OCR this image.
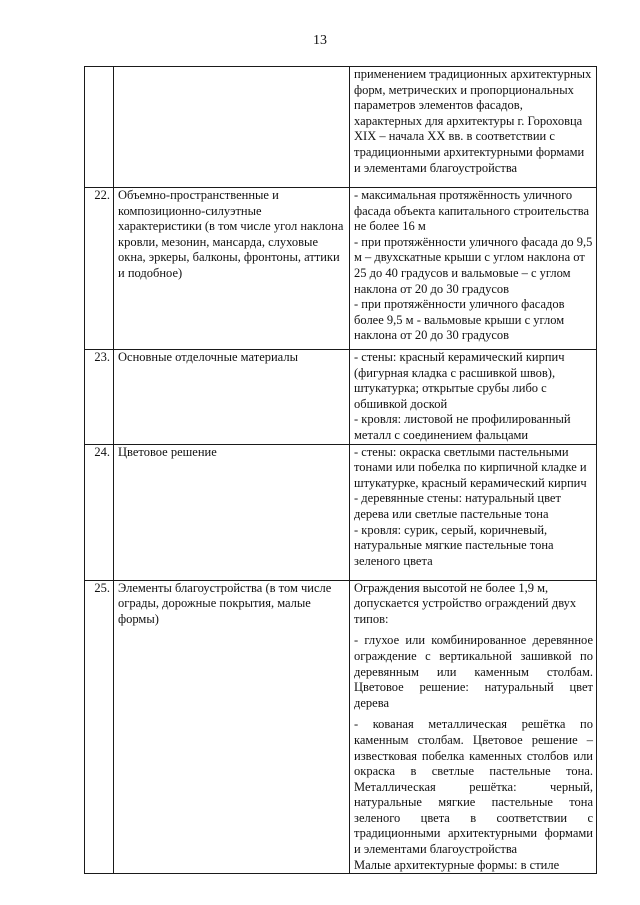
13

		применением традиционных архитектурных форм, метрических и пропорциональных параметров элементов фасадов, характерных для архитектуры г. Гороховца XIX – начала XX вв. в соответствии с традиционными архитектурными формами и элементами благоустройства

22.	Объемно-пространственные и композиционно-силуэтные характеристики (в том числе угол наклона кровли, мезонин, мансарда, слуховые окна, эркеры, балконы, фронтоны, аттики и подобное)	- максимальная протяжённость уличного фасада объекта капитального строительства не более 16 м

- при протяжённости уличного фасада до 9,5 м – двухскатные крыши с углом наклона от 25 до 40 градусов и вальмовые – с углом наклона от 20 до 30 градусов

- при протяжённости уличного фасадов более 9,5 м - вальмовые крыши с углом наклона от 20 до 30 градусов

23.	Основные отделочные материалы	- стены: красный керамический кирпич (фигурная кладка с расшивкой швов), штукатурка; открытые срубы либо с обшивкой доской

- кровля: листовой не профилированный металл с соединением фальцами

24.	Цветовое решение	- стены: окраска светлыми пастельными тонами или побелка по кирпичной кладке и штукатурке, красный керамический кирпич

- деревянные стены: натуральный цвет дерева или светлые пастельные тона

- кровля: сурик, серый, коричневый, натуральные мягкие пастельные тона зеленого цвета

25.	Элементы благоустройства (в том числе ограды, дорожные покрытия, малые формы)	Ограждения высотой не более 1,9 м, допускается устройство ограждений двух типов:

- глухое или комбинированное деревянное ограждение с вертикальной зашивкой по деревянным или каменным столбам. Цветовое решение: натуральный цвет дерева

- кованая металлическая решётка по каменным столбам. Цветовое решение – известковая побелка каменных столбов или окраска в светлые пастельные тона. Металлическая решётка: черный, натуральные мягкие пастельные тона зеленого цвета в соответствии с традиционными архитектурными формами и элементами благоустройства

Малые архитектурные формы: в стиле
